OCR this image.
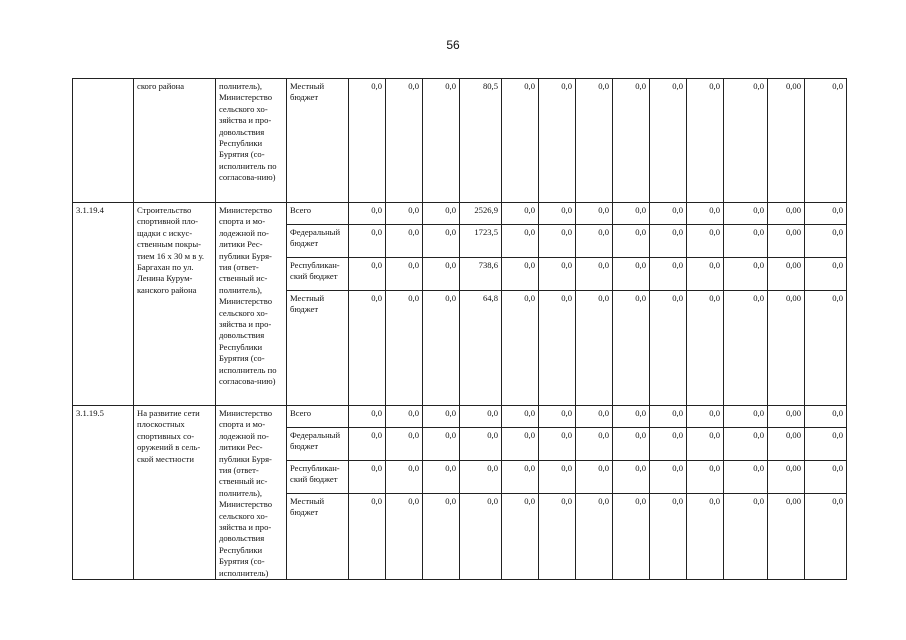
56
	ского района	полнитель), Министерство сельского хо-зяйства и про-довольствия Республики Бурятия (со-исполнитель по согласова-нию)	Местный бюджет	0,0	0,0	0,0	80,5	0,0	0,0	0,0	0,0	0,0	0,0	0,0	0,00	0,0
3.1.19.4	Строительство спортивной пло-щадки с искус-ственным покры-тием 16 х 30 м в у. Баргахан по ул. Ленина Курум-канского района	Министерство спорта и мо-лодежной по-литики Рес-публики Буря-тия (ответ-ственный ис-полнитель), Министерство сельского хо-зяйства и про-довольствия Республики Бурятия (со-исполнитель по согласова-нию)	Всего	0,0	0,0	0,0	2526,9	0,0	0,0	0,0	0,0	0,0	0,0	0,0	0,00	0,0
			Федеральный бюджет	0,0	0,0	0,0	1723,5	0,0	0,0	0,0	0,0	0,0	0,0	0,0	0,00	0,0
			Республикан-ский бюджет	0,0	0,0	0,0	738,6	0,0	0,0	0,0	0,0	0,0	0,0	0,0	0,00	0,0
			Местный бюджет	0,0	0,0	0,0	64,8	0,0	0,0	0,0	0,0	0,0	0,0	0,0	0,00	0,0
3.1.19.5	На развитие сети плоскостных спортивных со-оружений в сель-ской местности	Министерство спорта и мо-лодежной по-литики Рес-публики Буря-тия (ответ-ственный ис-полнитель), Министерство сельского хо-зяйства и про-довольствия Республики Бурятия (со-исполнитель)	Всего	0,0	0,0	0,0	0,0	0,0	0,0	0,0	0,0	0,0	0,0	0,0	0,00	0,0
			Федеральный бюджет	0,0	0,0	0,0	0,0	0,0	0,0	0,0	0,0	0,0	0,0	0,0	0,00	0,0
			Республикан-ский бюджет	0,0	0,0	0,0	0,0	0,0	0,0	0,0	0,0	0,0	0,0	0,0	0,00	0,0
			Местный бюджет	0,0	0,0	0,0	0,0	0,0	0,0	0,0	0,0	0,0	0,0	0,0	0,00	0,0
